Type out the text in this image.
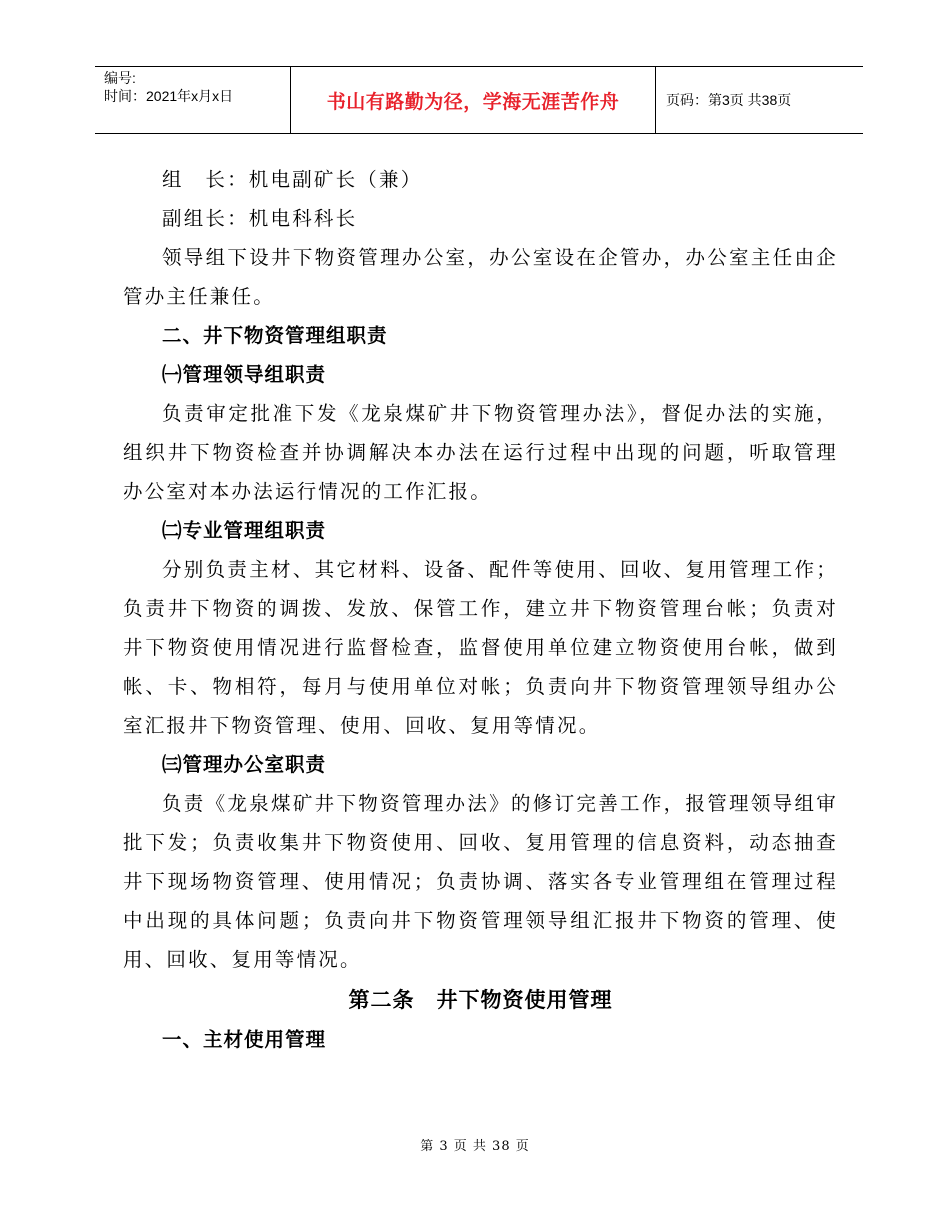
编号:
时间：2021年x月x日	书山有路勤为径，学海无涯苦作舟	页码：第3页 共38页

组　长：机电副矿长（兼）

副组长：机电科科长

领导组下设井下物资管理办公室，办公室设在企管办，办公室主任由企管办主任兼任。

二、井下物资管理组职责

㈠管理领导组职责

负责审定批准下发《龙泉煤矿井下物资管理办法》，督促办法的实施，组织井下物资检查并协调解决本办法在运行过程中出现的问题，听取管理办公室对本办法运行情况的工作汇报。

㈡专业管理组职责

分别负责主材、其它材料、设备、配件等使用、回收、复用管理工作；负责井下物资的调拨、发放、保管工作，建立井下物资管理台帐；负责对井下物资使用情况进行监督检查，监督使用单位建立物资使用台帐，做到帐、卡、物相符，每月与使用单位对帐；负责向井下物资管理领导组办公室汇报井下物资管理、使用、回收、复用等情况。

㈢管理办公室职责

负责《龙泉煤矿井下物资管理办法》的修订完善工作，报管理领导组审批下发；负责收集井下物资使用、回收、复用管理的信息资料，动态抽查井下现场物资管理、使用情况；负责协调、落实各专业管理组在管理过程中出现的具体问题；负责向井下物资管理领导组汇报井下物资的管理、使用、回收、复用等情况。

第二条 井下物资使用管理

一、主材使用管理

第 3 页 共 38 页
